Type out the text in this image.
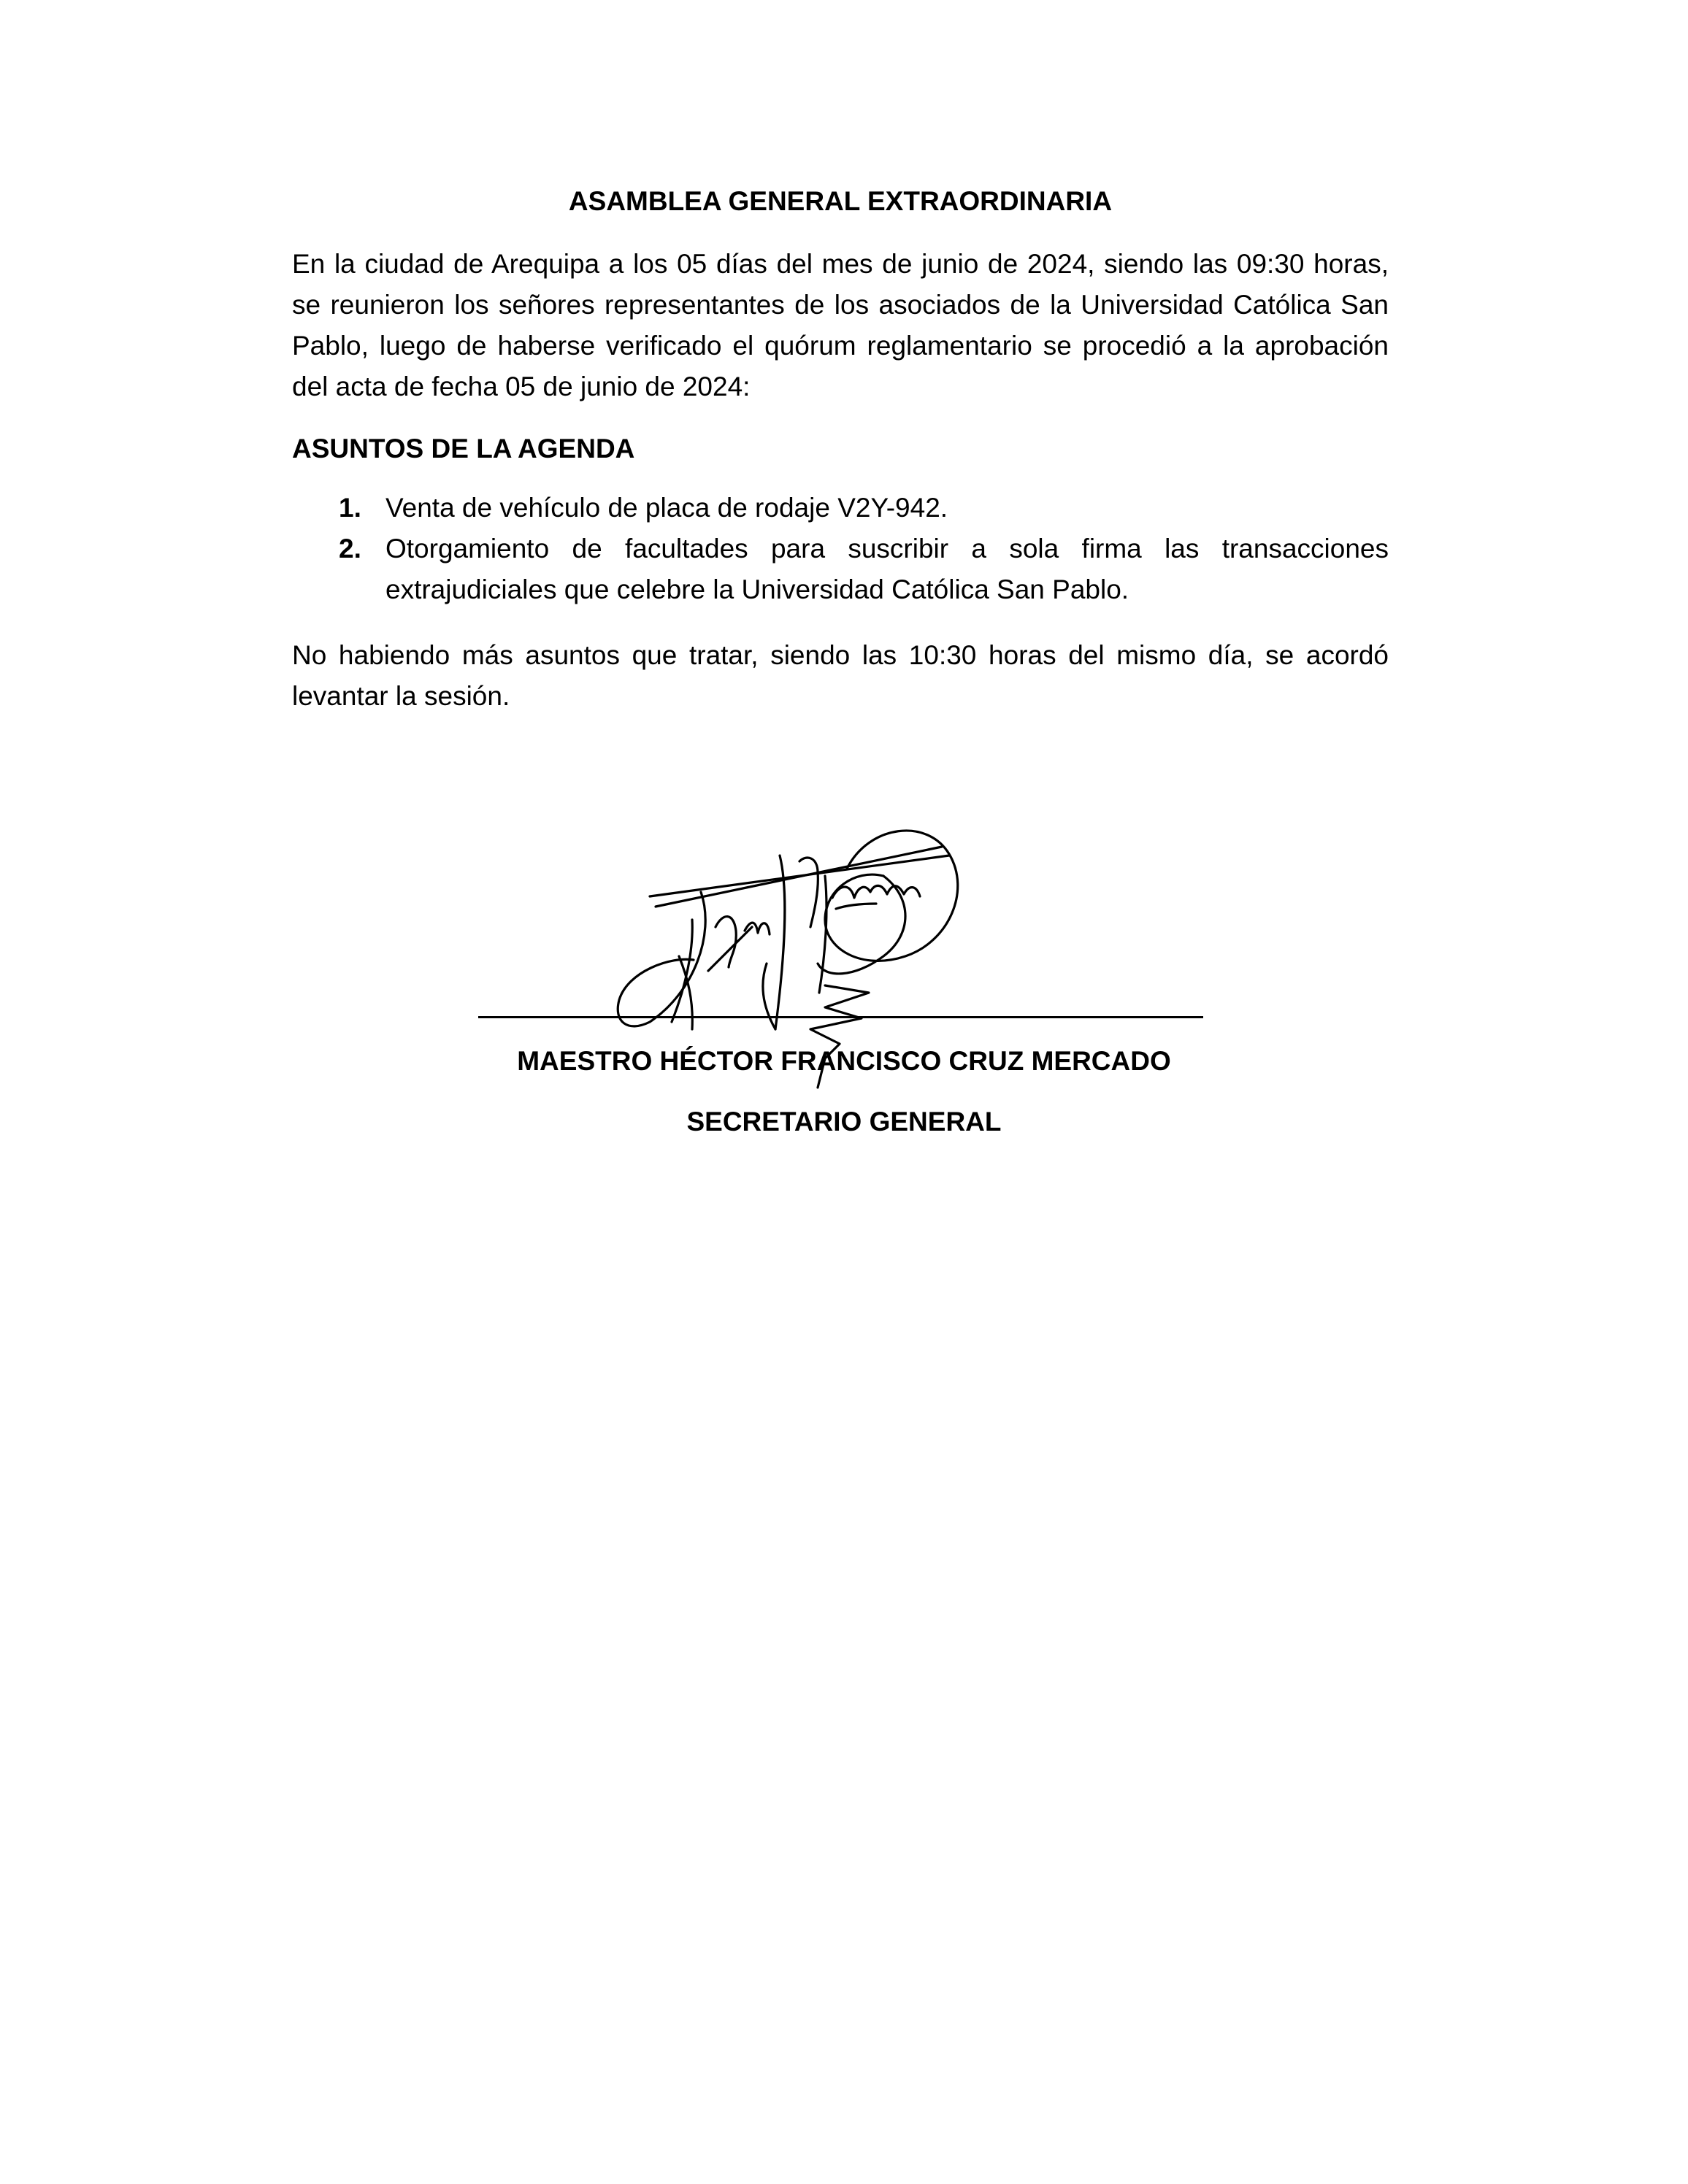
ASAMBLEA GENERAL EXTRAORDINARIA

En la ciudad de Arequipa a los 05 días del mes de junio de 2024, siendo las 09:30 horas, se reunieron los señores representantes de los asociados de la Universidad Católica San Pablo, luego de haberse verificado el quórum reglamentario se procedió a la aprobación del acta de fecha 05 de junio de 2024:

ASUNTOS DE LA AGENDA
1. Venta de vehículo de placa de rodaje V2Y-942.
2. Otorgamiento de facultades para suscribir a sola firma las transacciones extrajudiciales que celebre la Universidad Católica San Pablo.

No habiendo más asuntos que tratar, siendo las 10:30 horas del mismo día, se acordó levantar la sesión.

MAESTRO HÉCTOR FRANCISCO CRUZ MERCADO
SECRETARIO GENERAL
